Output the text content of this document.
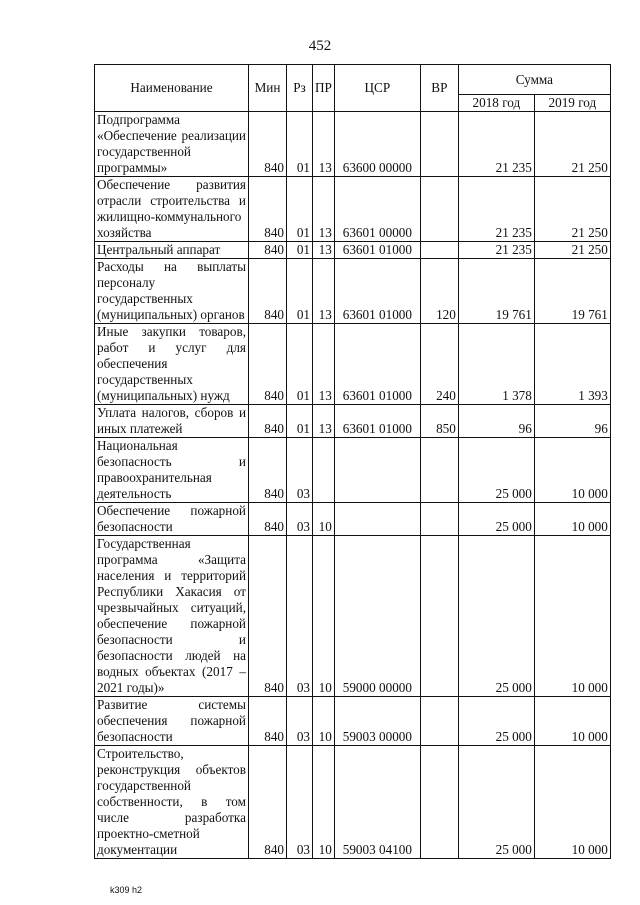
452
Наименование	Мин	Рз	ПР	ЦСР	ВР	Сумма	
						2018 год	2019 год
Подпрограмма «Обеспечение реализации государственной программы»	840	01	13	63600 00000		21 235	21 250
Обеспечение развития отрасли строительства и жилищно-коммунального хозяйства	840	01	13	63601 00000		21 235	21 250
Центральный аппарат	840	01	13	63601 01000		21 235	21 250
Расходы на выплаты персоналу государственных (муниципальных) органов	840	01	13	63601 01000	120	19 761	19 761
Иные закупки товаров, работ и услуг для обеспечения государственных (муниципальных) нужд	840	01	13	63601 01000	240	1 378	1 393
Уплата налогов, сборов и иных платежей	840	01	13	63601 01000	850	96	96
Национальная безопасность и правоохранительная деятельность	840	03				25 000	10 000
Обеспечение пожарной безопасности	840	03	10			25 000	10 000
Государственная программа «Защита населения и территорий Республики Хакасия от чрезвычайных ситуаций, обеспечение пожарной безопасности и безопасности людей на водных объектах (2017 – 2021 годы)»	840	03	10	59000 00000		25 000	10 000
Развитие системы обеспечения пожарной безопасности	840	03	10	59003 00000		25 000	10 000
Строительство, реконструкция объектов государственной собственности, в том числе разработка проектно-сметной документации	840	03	10	59003 04100		25 000	10 000
k309 h2
